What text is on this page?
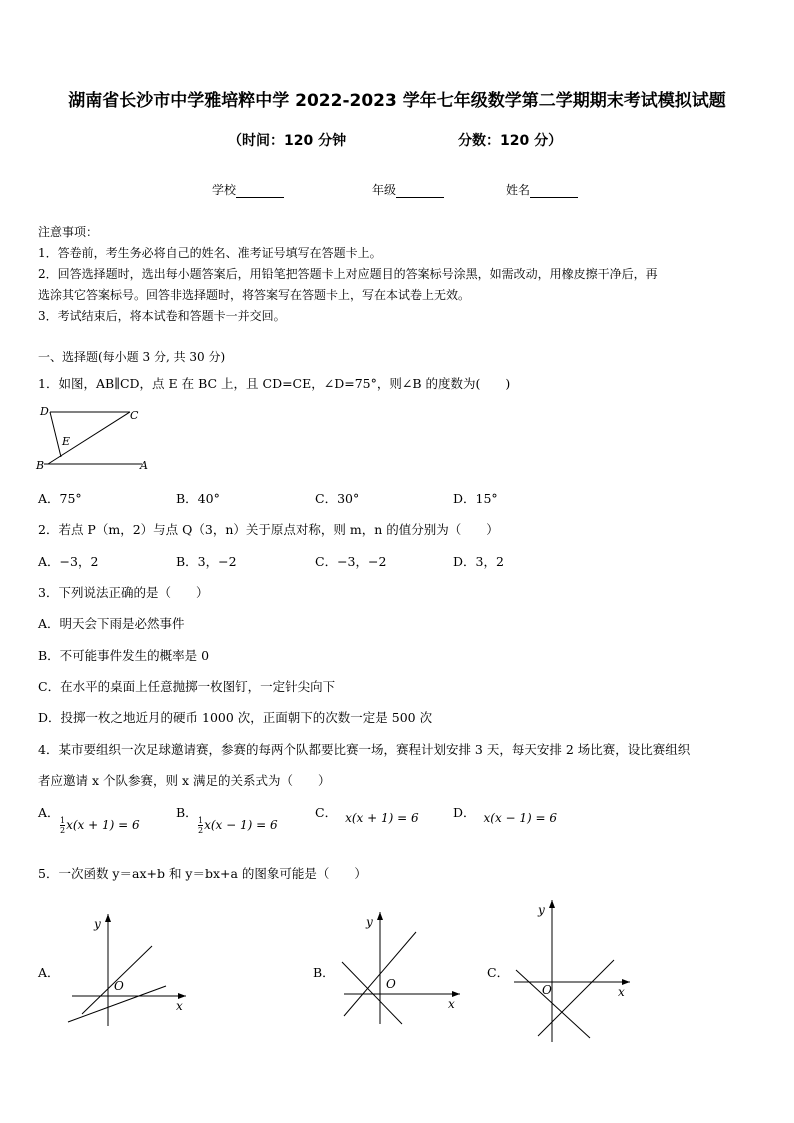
湖南省长沙市中学雅培粹中学 2022-2023 学年七年级数学第二学期期末考试模拟试题
（时间：120 分钟	分数：120 分）
学校	年级	姓名
注意事项：
1．答卷前，考生务必将自己的姓名、准考证号填写在答题卡上。
2．回答选择题时，选出每小题答案后，用铅笔把答题卡上对应题目的答案标号涂黑，如需改动，用橡皮擦干净后，再
选涂其它答案标号。回答非选择题时，将答案写在答题卡上，写在本试卷上无效。
3．考试结束后，将本试卷和答题卡一并交回。
一、选择题(每小题 3 分, 共 30 分)
1．如图，AB∥CD，点 E 在 BC 上，且 CD=CE，∠D=75°，则∠B 的度数为(　　)
D	C
E
B	A
A．75°	B．40°	C．30°	D．15°
2．若点 P（m，2）与点 Q（3，n）关于原点对称，则 m，n 的值分别为（　　）
A．−3，2	B．3，−2	C．−3，−2	D．3，2
3．下列说法正确的是（　　）
A．明天会下雨是必然事件
B．不可能事件发生的概率是 0
C．在水平的桌面上任意抛掷一枚图钉，一定针尖向下
D．投掷一枚之地近月的硬币 1000 次，正面朝下的次数一定是 500 次
4．某市要组织一次足球邀请赛，参赛的每两个队都要比赛一场，赛程计划安排 3 天，每天安排 2 场比赛，设比赛组织
者应邀请 x 个队参赛，则 x 满足的关系式为（　　）
A．
$\frac{1}{2} x(x + 1) = 6$
B．
$\frac{1}{2} x(x - 1) = 6$
C． x(x + 1) = 6	D． x(x − 1) = 6
5．一次函数 y＝ax+b 和 y＝bx+a 的图象可能是（　　）
A．
y
x
O
B．
y
x
O
C．
y
x
O
